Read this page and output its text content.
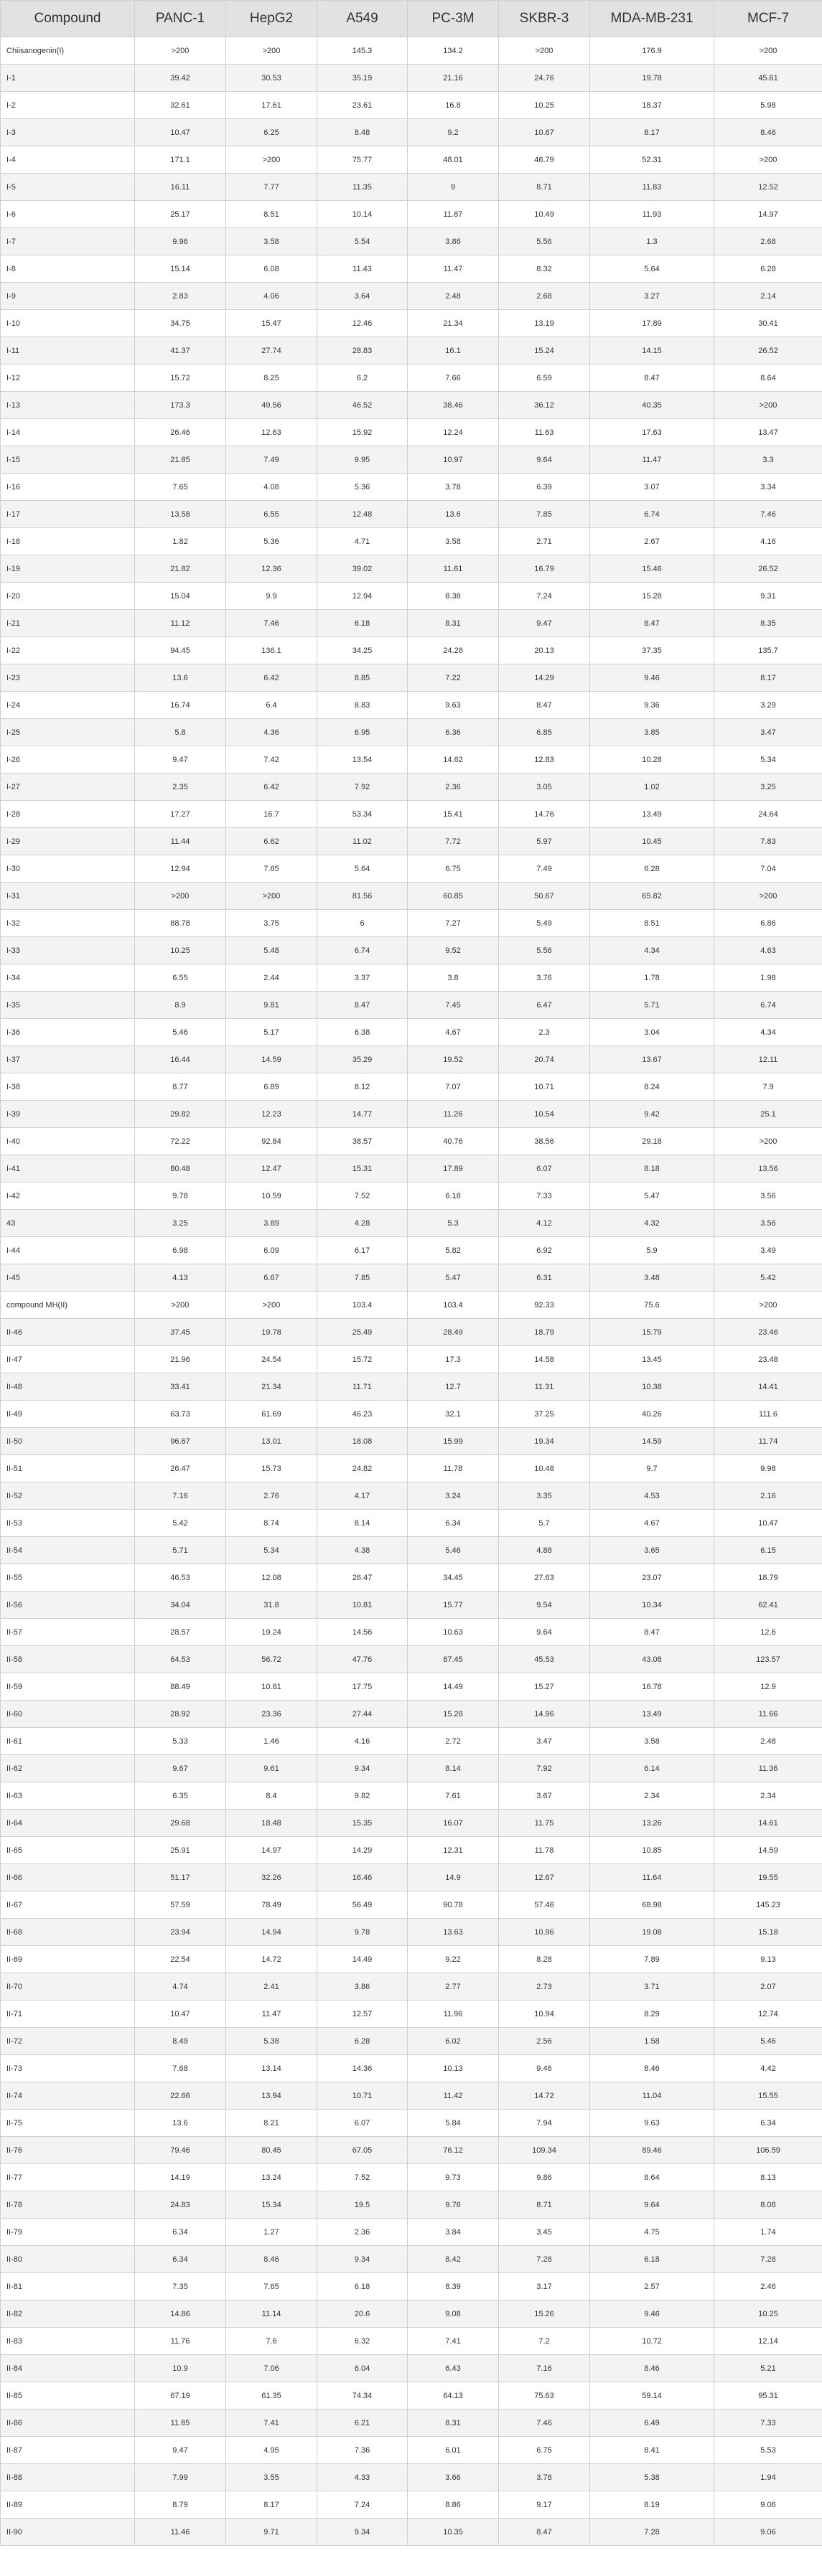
Compound	PANC-1	HepG2	A549	PC-3M	SKBR-3	MDA-MB-231	MCF-7
Chiisanogenin(I)	>200	>200	145.3	134.2	>200	176.9	>200
I-1	39.42	30.53	35.19	21.16	24.76	19.78	45.61
I-2	32.61	17.61	23.61	16.8	10.25	18.37	5.98
I-3	10.47	6.25	8.48	9.2	10.67	8.17	8.46
I-4	171.1	>200	75.77	48.01	46.79	52.31	>200
I-5	16.11	7.77	11.35	9	8.71	11.83	12.52
I-6	25.17	8.51	10.14	11.87	10.49	11.93	14.97
I-7	9.96	3.58	5.54	3.86	5.56	1.3	2.68
I-8	15.14	6.08	11.43	11.47	8.32	5.64	6.28
I-9	2.83	4.06	3.64	2.48	2.68	3.27	2.14
I-10	34.75	15.47	12.46	21.34	13.19	17.89	30.41
I-11	41.37	27.74	28.83	16.1	15.24	14.15	26.52
I-12	15.72	8.25	6.2	7.66	6.59	8.47	8.64
I-13	173.3	49.56	46.52	38.46	36.12	40.35	>200
I-14	26.46	12.63	15.92	12.24	11.63	17.63	13.47
I-15	21.85	7.49	9.95	10.97	9.64	11.47	3.3
I-16	7.65	4.08	5.36	3.78	6.39	3.07	3.34
I-17	13.58	6.55	12.48	13.6	7.85	6.74	7.46
I-18	1.82	5.36	4.71	3.58	2.71	2.67	4.16
I-19	21.82	12.36	39.02	11.61	16.79	15.46	26.52
I-20	15.04	9.9	12.94	8.38	7.24	15.28	9.31
I-21	11.12	7.46	6.18	8.31	9.47	8.47	8.35
I-22	94.45	136.1	34.25	24.28	20.13	37.35	135.7
I-23	13.6	6.42	8.85	7.22	14.29	9.46	8.17
I-24	16.74	6.4	8.83	9.63	8.47	9.36	3.29
I-25	5.8	4.36	6.95	6.36	6.85	3.85	3.47
I-26	9.47	7.42	13.54	14.62	12.83	10.28	5.34
I-27	2.35	6.42	7.92	2.36	3.05	1.02	3.25
I-28	17.27	16.7	53.34	15.41	14.76	13.49	24.64
I-29	11.44	6.62	11.02	7.72	5.97	10.45	7.83
I-30	12.94	7.65	5.64	6.75	7.49	6.28	7.04
I-31	>200	>200	81.56	60.85	50.67	65.82	>200
I-32	88.78	3.75	6	7.27	5.49	8.51	6.86
I-33	10.25	5.48	6.74	9.52	5.56	4.34	4.63
I-34	6.55	2.44	3.37	3.8	3.76	1.78	1.98
I-35	8.9	9.81	8.47	7.45	6.47	5.71	6.74
I-36	5.46	5.17	6.38	4.67	2.3	3.04	4.34
I-37	16.44	14.59	35.29	19.52	20.74	13.67	12.11
I-38	8.77	6.89	8.12	7.07	10.71	8.24	7.9
I-39	29.82	12.23	14.77	11.26	10.54	9.42	25.1
I-40	72.22	92.84	38.57	40.76	38.56	29.18	>200
I-41	80.48	12.47	15.31	17.89	6.07	8.18	13.56
I-42	9.78	10.59	7.52	6.18	7.33	5.47	3.56
43	3.25	3.89	4.28	5.3	4.12	4.32	3.56
I-44	6.98	6.09	6.17	5.82	6.92	5.9	3.49
I-45	4.13	6.67	7.85	5.47	6.31	3.48	5.42
compound MH(II)	>200	>200	103.4	103.4	92.33	75.6	>200
II-46	37.45	19.78	25.49	28.49	18.79	15.79	23.46
II-47	21.96	24.54	15.72	17.3	14.58	13.45	23.48
II-48	33.41	21.34	11.71	12.7	11.31	10.38	14.41
II-49	63.73	61.69	46.23	32.1	37.25	40.26	111.6
II-50	96.67	13.01	18.08	15.99	19.34	14.59	11.74
II-51	26.47	15.73	24.82	11.78	10.48	9.7	9.98
II-52	7.16	2.76	4.17	3.24	3.35	4.53	2.16
II-53	5.42	8.74	8.14	6.34	5.7	4.67	10.47
II-54	5.71	5.34	4.38	5.46	4.88	3.65	6.15
II-55	46.53	12.08	26.47	34.45	27.63	23.07	18.79
II-56	34.04	31.8	10.81	15.77	9.54	10.34	62.41
II-57	28.57	19.24	14.56	10.63	9.64	8.47	12.6
II-58	64.53	56.72	47.76	87.45	45.53	43.08	123.57
II-59	88.49	10.81	17.75	14.49	15.27	16.78	12.9
II-60	28.92	23.36	27.44	15.28	14.96	13.49	11.66
II-61	5.33	1.46	4.16	2.72	3.47	3.58	2.48
II-62	9.67	9.61	9.34	8.14	7.92	6.14	11.36
II-63	6.35	8.4	9.82	7.61	3.67	2.34	2.34
II-64	29.68	18.48	15.35	16.07	11.75	13.26	14.61
II-65	25.91	14.97	14.29	12.31	11.78	10.85	14.59
II-66	51.17	32.26	16.46	14.9	12.67	11.64	19.55
II-67	57.59	78.49	56.49	90.78	57.46	68.98	145.23
II-68	23.94	14.94	9.78	13.63	10.96	19.08	15.18
II-69	22.54	14.72	14.49	9.22	8.28	7.89	9.13
II-70	4.74	2.41	3.86	2.77	2.73	3.71	2.07
II-71	10.47	11.47	12.57	11.96	10.94	8.29	12.74
II-72	8.49	5.38	6.28	6.02	2.56	1.58	5.46
II-73	7.68	13.14	14.36	10.13	9.46	8.46	4.42
II-74	22.66	13.94	10.71	11.42	14.72	11.04	15.55
II-75	13.6	8.21	6.07	5.84	7.94	9.63	6.34
II-76	79.46	80.45	67.05	76.12	109.34	89.46	106.59
II-77	14.19	13.24	7.52	9.73	9.86	8.64	8.13
II-78	24.83	15.34	19.5	9.76	8.71	9.64	8.08
II-79	6.34	1.27	2.36	3.84	3.45	4.75	1.74
II-80	6.34	8.46	9.34	8.42	7.28	6.18	7.28
II-81	7.35	7.65	6.18	8.39	3.17	2.57	2.46
II-82	14.86	11.14	20.6	9.08	15.26	9.46	10.25
II-83	11.76	7.6	6.32	7.41	7.2	10.72	12.14
II-84	10.9	7.06	6.04	6.43	7.16	8.46	5.21
II-85	67.19	61.35	74.34	64.13	75.63	59.14	95.31
II-86	11.85	7.41	6.21	8.31	7.46	6.49	7.33
II-87	9.47	4.95	7.36	6.01	6.75	8.41	5.53
II-88	7.99	3.55	4.33	3.66	3.78	5.38	1.94
II-89	8.79	8.17	7.24	8.86	9.17	8.19	9.06
II-90	11.46	9.71	9.34	10.35	8.47	7.28	9.06
